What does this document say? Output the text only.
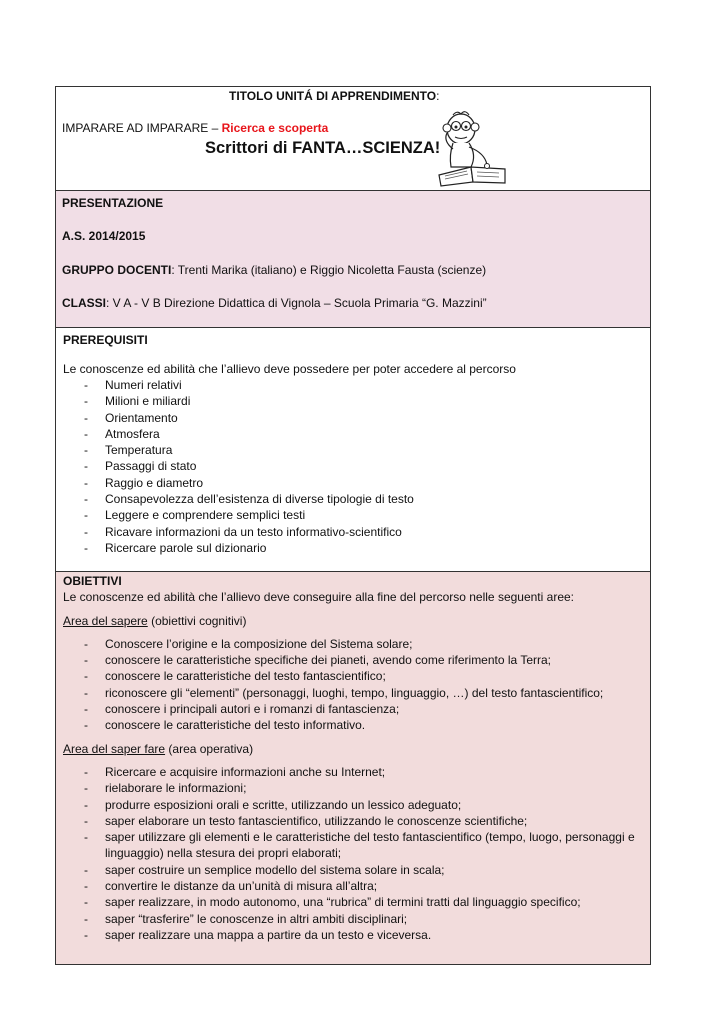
TITOLO UNITÁ DI APPRENDIMENTO:
IMPARARE AD IMPARARE – Ricerca e scoperta
Scrittori di FANTA…SCIENZA!

PRESENTAZIONE

A.S. 2014/2015

GRUPPO DOCENTI: Trenti Marika (italiano) e Riggio Nicoletta Fausta (scienze)

CLASSI: V A - V B Direzione Didattica di Vignola – Scuola Primaria “G. Mazzini”

PREREQUISITI
Le conoscenze ed abilità che l’allievo deve possedere per poter accedere al percorso
- Numeri relativi
- Milioni e miliardi
- Orientamento
- Atmosfera
- Temperatura
- Passaggi di stato
- Raggio e diametro
- Consapevolezza dell’esistenza di diverse tipologie di testo
- Leggere e comprendere semplici testi
- Ricavare informazioni da un testo informativo-scientifico
- Ricercare parole sul dizionario
OBIETTIVI
Le conoscenze ed abilità che l’allievo deve conseguire alla fine del percorso nelle seguenti aree:
Area del sapere (obiettivi cognitivi)
- Conoscere l’origine e la composizione del Sistema solare;
- conoscere le caratteristiche specifiche dei pianeti, avendo come riferimento la Terra;
- conoscere le caratteristiche del testo fantascientifico;
- riconoscere gli “elementi” (personaggi, luoghi, tempo, linguaggio, …) del testo fantascientifico;
- conoscere i principali autori e i romanzi di fantascienza;
- conoscere le caratteristiche del testo informativo.
Area del saper fare (area operativa)
- Ricercare e acquisire informazioni anche su Internet;
- rielaborare le informazioni;
- produrre esposizioni orali e scritte, utilizzando un lessico adeguato;
- saper elaborare un testo fantascientifico, utilizzando le conoscenze scientifiche;
- saper utilizzare gli elementi e le caratteristiche del testo fantascientifico (tempo, luogo, personaggi e linguaggio) nella stesura dei propri elaborati;
- saper costruire un semplice modello del sistema solare in scala;
- convertire le distanze da un’unità di misura all’altra;
- saper realizzare, in modo autonomo, una “rubrica” di termini tratti dal linguaggio specifico;
- saper “trasferire” le conoscenze in altri ambiti disciplinari;
- saper realizzare una mappa a partire da un testo e viceversa.
